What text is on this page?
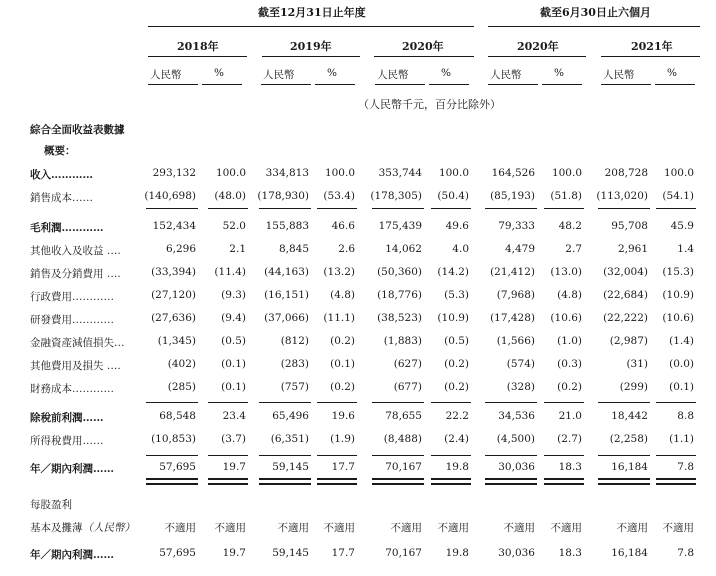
截至12月31日止年度	截至6月30日止六個月
2018年	2019年	2020年	2020年	2021年
人民幣	%	人民幣	%	人民幣	%	人民幣	%	人民幣	%
（人民幣千元，百分比除外）
綜合全面收益表數據
概要：
收入…………	293,132	100.0	334,813	100.0	353,744	100.0	164,526	100.0	208,728	100.0
銷售成本……	(140,698)	(48.0)	(178,930)	(53.4)	(178,305)	(50.4)	(85,193)	(51.8)	(113,020)	(54.1)
毛利潤…………	152,434	52.0	155,883	46.6	175,439	49.6	79,333	48.2	95,708	45.9
其他收入及收益 ….	6,296	2.1	8,845	2.6	14,062	4.0	4,479	2.7	2,961	1.4
銷售及分銷費用 ….	(33,394)	(11.4)	(44,163)	(13.2)	(50,360)	(14.2)	(21,412)	(13.0)	(32,004)	(15.3)
行政費用…………	(27,120)	(9.3)	(16,151)	(4.8)	(18,776)	(5.3)	(7,968)	(4.8)	(22,684)	(10.9)
研發費用…………	(27,636)	(9.4)	(37,066)	(11.1)	(38,523)	(10.9)	(17,428)	(10.6)	(22,222)	(10.6)
金融資產減值損失…	(1,345)	(0.5)	(812)	(0.2)	(1,883)	(0.5)	(1,566)	(1.0)	(2,987)	(1.4)
其他費用及損失 ….	(402)	(0.1)	(283)	(0.1)	(627)	(0.2)	(574)	(0.3)	(31)	(0.0)
財務成本…………	(285)	(0.1)	(757)	(0.2)	(677)	(0.2)	(328)	(0.2)	(299)	(0.1)
除稅前利潤……	68,548	23.4	65,496	19.6	78,655	22.2	34,536	21.0	18,442	8.8
所得稅費用……	(10,853)	(3.7)	(6,351)	(1.9)	(8,488)	(2.4)	(4,500)	(2.7)	(2,258)	(1.1)
年／期內利潤……	57,695	19.7	59,145	17.7	70,167	19.8	30,036	18.3	16,184	7.8
每股盈利
基本及攤薄（人民幣）	不適用	不適用	不適用	不適用	不適用	不適用	不適用	不適用	不適用	不適用
年／期內利潤……	57,695	19.7	59,145	17.7	70,167	19.8	30,036	18.3	16,184	7.8
